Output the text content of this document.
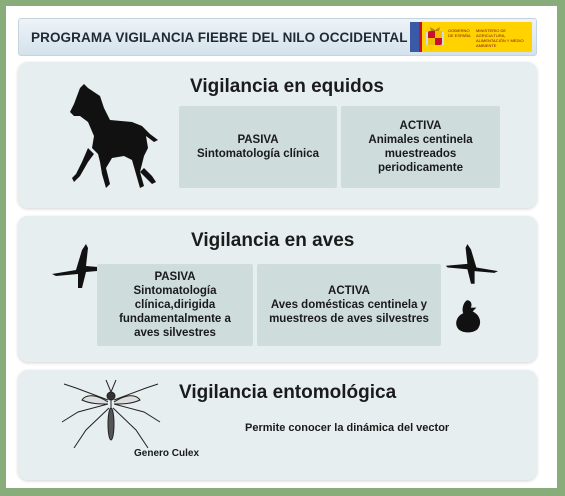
PROGRAMA VIGILANCIA FIEBRE DEL NILO OCCIDENTAL	GOBIERNO DE ESPAÑA
MINISTERIO DE AGRICULTURA, ALIMENTACIÓN Y MEDIO AMBIENTE
Vigilancia en equidos
PASIVA
Sintomatología clínica
ACTIVA
Animales centinela
muestreados
periodicamente
Vigilancia en aves
PASIVA
Sintomatología
clínica,dirigida
fundamentalmente a
aves silvestres
ACTIVA
Aves domésticas centinela y
muestreos de aves silvestres
Vigilancia entomológica
Permite conocer la dinámica del vector
Genero Culex
